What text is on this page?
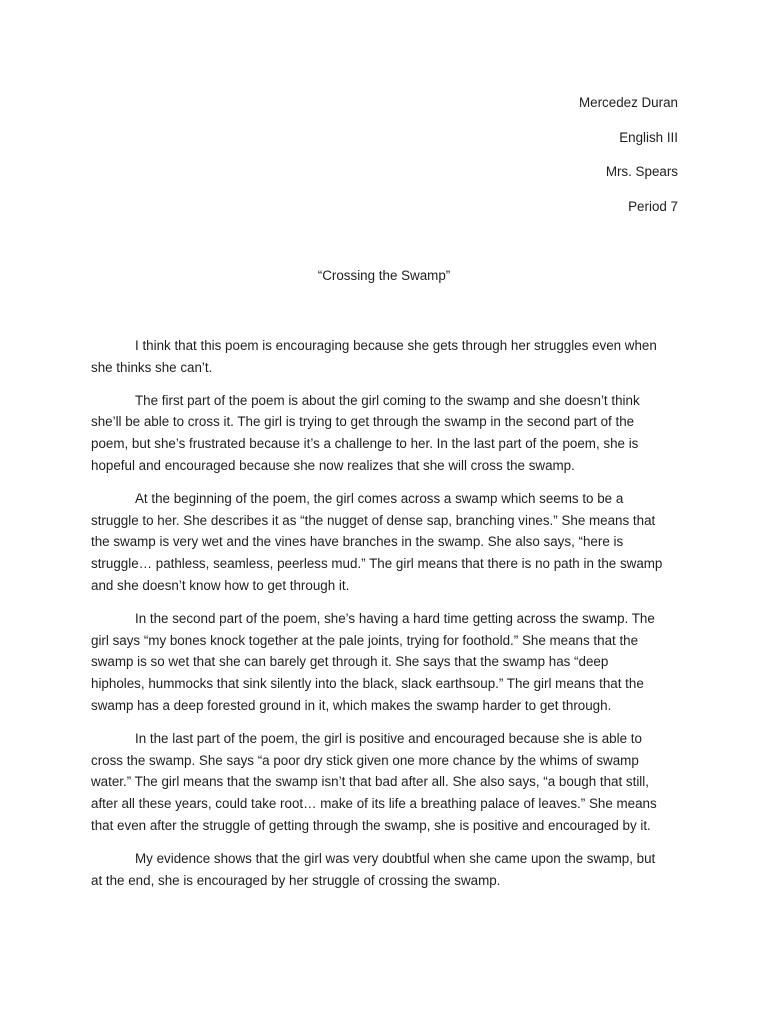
Mercedez Duran
English III
Mrs. Spears
Period 7
“Crossing the Swamp”

I think that this poem is encouraging because she gets through her struggles even when
she thinks she can’t.

The first part of the poem is about the girl coming to the swamp and she doesn’t think
she’ll be able to cross it. The girl is trying to get through the swamp in the second part of the
poem, but she’s frustrated because it’s a challenge to her. In the last part of the poem, she is
hopeful and encouraged because she now realizes that she will cross the swamp.

At the beginning of the poem, the girl comes across a swamp which seems to be a
struggle to her. She describes it as “the nugget of dense sap, branching vines.” She means that
the swamp is very wet and the vines have branches in the swamp. She also says, “here is
struggle… pathless, seamless, peerless mud.” The girl means that there is no path in the swamp
and she doesn’t know how to get through it.

In the second part of the poem, she’s having a hard time getting across the swamp. The
girl says “my bones knock together at the pale joints, trying for foothold.” She means that the
swamp is so wet that she can barely get through it. She says that the swamp has “deep
hipholes, hummocks that sink silently into the black, slack earthsoup.” The girl means that the
swamp has a deep forested ground in it, which makes the swamp harder to get through.

In the last part of the poem, the girl is positive and encouraged because she is able to
cross the swamp. She says “a poor dry stick given one more chance by the whims of swamp
water.” The girl means that the swamp isn’t that bad after all. She also says, “a bough that still,
after all these years, could take root… make of its life a breathing palace of leaves.” She means
that even after the struggle of getting through the swamp, she is positive and encouraged by it.

My evidence shows that the girl was very doubtful when she came upon the swamp, but
at the end, she is encouraged by her struggle of crossing the swamp.
